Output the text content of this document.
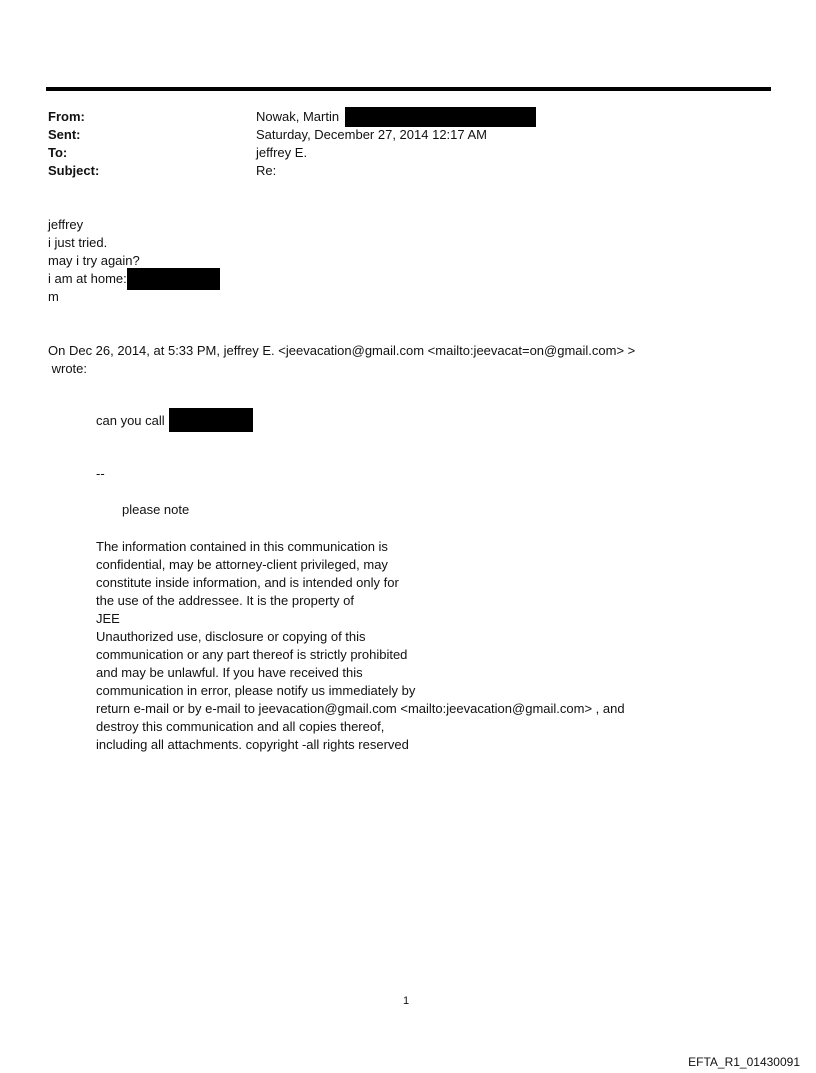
From:	Nowak, Martin
Sent:	Saturday, December 27, 2014 12:17 AM
To:	jeffrey E.
Subject:	Re:
jeffrey
i just tried.
may i try again?
i am at home:
m
On Dec 26, 2014, at 5:33 PM, jeffrey E. <jeevacation@gmail.com <mailto:jeevacat=on@gmail.com> >
wrote:
can you call
--
please note
The information contained in this communication is
confidential, may be attorney-client privileged, may
constitute inside information, and is intended only for
the use of the addressee. It is the property of
JEE
Unauthorized use, disclosure or copying of this
communication or any part thereof is strictly prohibited
and may be unlawful. If you have received this
communication in error, please notify us immediately by
return e-mail or by e-mail to jeevacation@gmail.com <mailto:jeevacation@gmail.com> , and
destroy this communication and all copies thereof,
including all attachments. copyright -all rights reserved
1
EFTA_R1_01430091
